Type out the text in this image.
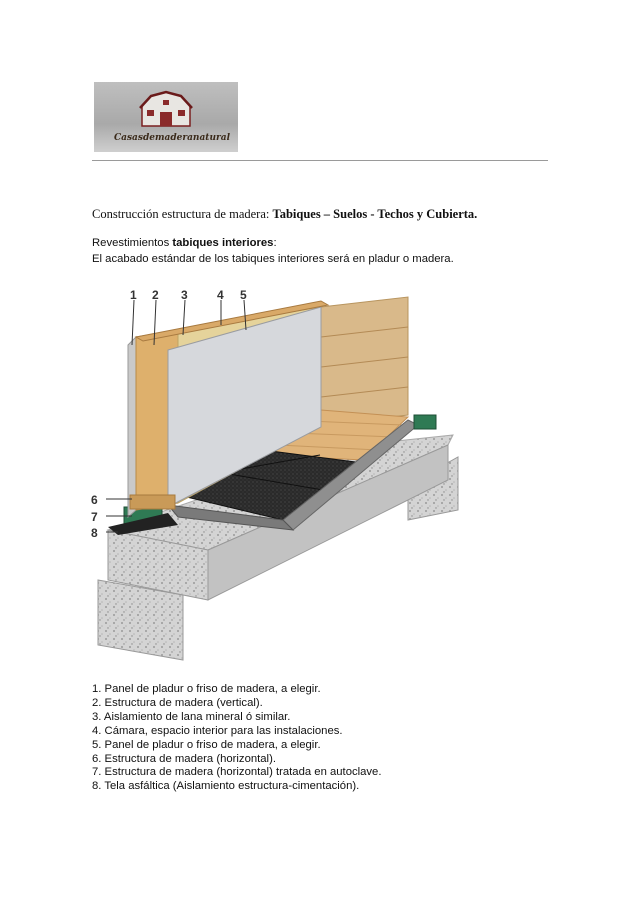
Casasdemaderanatural
Construcción estructura de madera: Tabiques – Suelos - Techos y Cubierta.
Revestimientos tabiques interiores:
El acabado estándar de los tabiques interiores será en pladur o madera.
1 2 3 4 5
6
7
8
1. Panel de pladur o friso de madera, a elegir.
2. Estructura de madera (vertical).
3. Aislamiento de lana mineral ó similar.
4. Cámara, espacio interior para las instalaciones.
5. Panel de pladur o friso de madera, a elegir.
6. Estructura de madera (horizontal).
7. Estructura de madera (horizontal) tratada en autoclave.
8. Tela asfáltica (Aislamiento estructura-cimentación).
